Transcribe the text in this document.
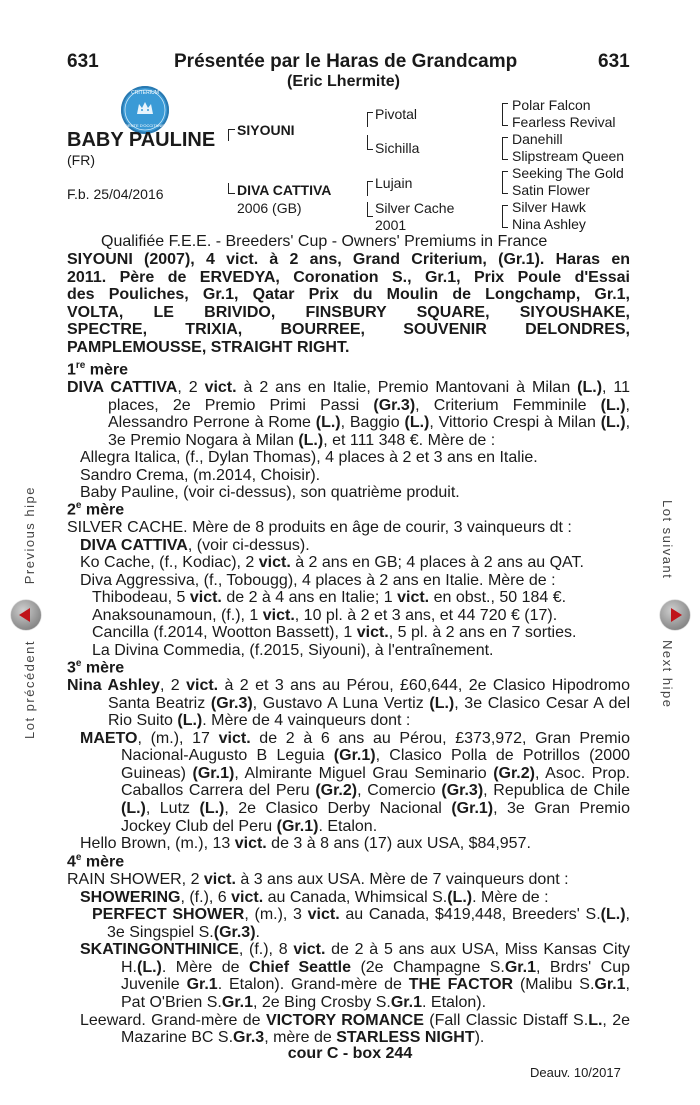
631	Présentée par le Haras de Grandcamp	631
(Eric Lhermite)
CRITERIUM
DENTE D'OCCITANIE
BABY PAULINE
(FR)
F.b. 25/04/2016
SIYOUNI
DIVA CATTIVA
2006 (GB)
Pivotal
Sichilla
Lujain
Silver Cache
2001
Polar Falcon
Fearless Revival
Danehill
Slipstream Queen
Seeking The Gold
Satin Flower
Silver Hawk
Nina Ashley
Qualifiée F.E.E. - Breeders' Cup - Owners' Premiums in France

SIYOUNI (2007), 4 vict. à 2 ans, Grand Criterium, (Gr.1). Haras en

2011. Père de ERVEDYA, Coronation S., Gr.1, Prix Poule d'Essai

des Pouliches, Gr.1, Qatar Prix du Moulin de Longchamp, Gr.1,

VOLTA, LE BRIVIDO, FINSBURY SQUARE, SIYOUSHAKE,

SPECTRE, TRIXIA, BOURREE, SOUVENIR DELONDRES,

PAMPLEMOUSSE, STRAIGHT RIGHT.

1re mère

DIVA CATTIVA, 2 vict. à 2 ans en Italie, Premio Mantovani à Milan (L.), 11 places, 2e Premio Primi Passi (Gr.3), Criterium Femminile (L.), Alessandro Perrone à Rome (L.), Baggio (L.), Vittorio Crespi à Milan (L.), 3e Premio Nogara à Milan (L.), et 111 348 €. Mère de :

Allegra Italica, (f., Dylan Thomas), 4 places à 2 et 3 ans en Italie.

Sandro Crema, (m.2014, Choisir).

Baby Pauline, (voir ci-dessus), son quatrième produit.

2e mère

SILVER CACHE. Mère de 8 produits en âge de courir, 3 vainqueurs dt :

DIVA CATTIVA, (voir ci-dessus).

Ko Cache, (f., Kodiac), 2 vict. à 2 ans en GB; 4 places à 2 ans au QAT.

Diva Aggressiva, (f., Tobougg), 4 places à 2 ans en Italie. Mère de :

Thibodeau, 5 vict. de 2 à 4 ans en Italie; 1 vict. en obst., 50 184 €.

Anaksounamoun, (f.), 1 vict., 10 pl. à 2 et 3 ans, et 44 720 € (17).

Cancilla (f.2014, Wootton Bassett), 1 vict., 5 pl. à 2 ans en 7 sorties.

La Divina Commedia, (f.2015, Siyouni), à l'entraînement.

3e mère

Nina Ashley, 2 vict. à 2 et 3 ans au Pérou, £60,644, 2e Clasico Hipodromo Santa Beatriz (Gr.3), Gustavo A Luna Vertiz (L.), 3e Clasico Cesar A del Rio Suito (L.). Mère de 4 vainqueurs dont :

MAETO, (m.), 17 vict. de 2 à 6 ans au Pérou, £373,972, Gran Premio Nacional-Augusto B Leguia (Gr.1), Clasico Polla de Potrillos (2000 Guineas) (Gr.1), Almirante Miguel Grau Seminario (Gr.2), Asoc. Prop. Caballos Carrera del Peru (Gr.2), Comercio (Gr.3), Republica de Chile (L.), Lutz (L.), 2e Clasico Derby Nacional (Gr.1), 3e Gran Premio Jockey Club del Peru (Gr.1). Etalon.

Hello Brown, (m.), 13 vict. de 3 à 8 ans (17) aux USA, $84,957.

4e mère

RAIN SHOWER, 2 vict. à 3 ans aux USA. Mère de 7 vainqueurs dont :

SHOWERING, (f.), 6 vict. au Canada, Whimsical S.(L.). Mère de :

PERFECT SHOWER, (m.), 3 vict. au Canada, $419,448, Breeders' S.(L.), 3e Singspiel S.(Gr.3).

SKATINGONTHINICE, (f.), 8 vict. de 2 à 5 ans aux USA, Miss Kansas City H.(L.). Mère de Chief Seattle (2e Champagne S.Gr.1, Brdrs' Cup Juvenile Gr.1. Etalon). Grand-mère de THE FACTOR (Malibu S.Gr.1, Pat O'Brien S.Gr.1, 2e Bing Crosby S.Gr.1. Etalon).

Leeward. Grand-mère de VICTORY ROMANCE (Fall Classic Distaff S.L., 2e Mazarine BC S.Gr.3, mère de STARLESS NIGHT).

cour C - box 244
Deauv. 10/2017
Previous hipe
Lot précédent
Lot suivant
Next hipe
